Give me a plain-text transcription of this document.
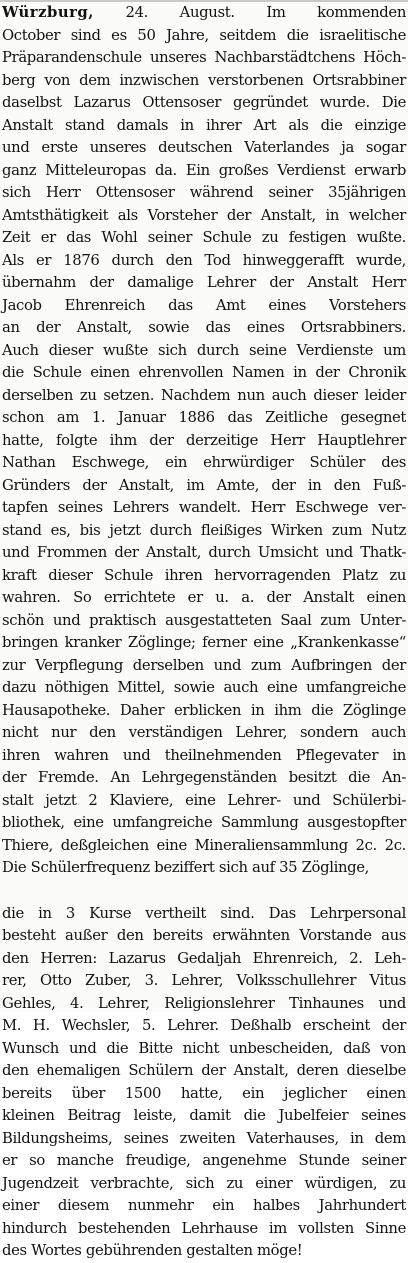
Würzburg, 24. August. Im kommenden
October sind es 50 Jahre, seitdem die israelitische
Präparandenschule unseres Nachbarstädtchens Höch-
berg von dem inzwischen verstorbenen Ortsrabbiner
daselbst Lazarus Ottensoser gegründet wurde. Die
Anstalt stand damals in ihrer Art als die einzige
und erste unseres deutschen Vaterlandes ja sogar
ganz Mitteleuropas da. Ein großes Verdienst erwarb
sich Herr Ottensoser während seiner 35jährigen
Amtsthätigkeit als Vorsteher der Anstalt, in welcher
Zeit er das Wohl seiner Schule zu festigen wußte.
Als er 1876 durch den Tod hinweggerafft wurde,
übernahm der damalige Lehrer der Anstalt Herr
Jacob Ehrenreich das Amt eines Vorstehers
an der Anstalt, sowie das eines Ortsrabbiners.
Auch dieser wußte sich durch seine Verdienste um
die Schule einen ehrenvollen Namen in der Chronik
derselben zu setzen. Nachdem nun auch dieser leider
schon am 1. Januar 1886 das Zeitliche gesegnet
hatte, folgte ihm der derzeitige Herr Hauptlehrer
Nathan Eschwege, ein ehrwürdiger Schüler des
Gründers der Anstalt, im Amte, der in den Fuß-
tapfen seines Lehrers wandelt. Herr Eschwege ver-
stand es, bis jetzt durch fleißiges Wirken zum Nutz
und Frommen der Anstalt, durch Umsicht und Thatk-
kraft dieser Schule ihren hervorragenden Platz zu
wahren. So errichtete er u. a. der Anstalt einen
schön und praktisch ausgestatteten Saal zum Unter-
bringen kranker Zöglinge; ferner eine „Krankenkasse“
zur Verpflegung derselben und zum Aufbringen der
dazu nöthigen Mittel, sowie auch eine umfangreiche
Hausapotheke. Daher erblicken in ihm die Zöglinge
nicht nur den verständigen Lehrer, sondern auch
ihren wahren und theilnehmenden Pflegevater in
der Fremde. An Lehrgegenständen besitzt die An-
stalt jetzt 2 Klaviere, eine Lehrer- und Schülerbi-
bliothek, eine umfangreiche Sammlung ausgestopfter
Thiere, deßgleichen eine Mineraliensammlung 2c. 2c.
Die Schülerfrequenz beziffert sich auf 35 Zöglinge,
die in 3 Kurse vertheilt sind. Das Lehrpersonal
besteht außer den bereits erwähnten Vorstande aus
den Herren: Lazarus Gedaljah Ehrenreich, 2. Leh-
rer, Otto Zuber, 3. Lehrer, Volksschullehrer Vitus
Gehles, 4. Lehrer, Religionslehrer Tinhaunes und
M. H. Wechsler, 5. Lehrer. Deßhalb erscheint der
Wunsch und die Bitte nicht unbescheiden, daß von
den ehemaligen Schülern der Anstalt, deren dieselbe
bereits über 1500 hatte, ein jeglicher einen
kleinen Beitrag leiste, damit die Jubelfeier seines
Bildungsheims, seines zweiten Vaterhauses, in dem
er so manche freudige, angenehme Stunde seiner
Jugendzeit verbrachte, sich zu einer würdigen, zu
einer diesem nunmehr ein halbes Jahrhundert
hindurch bestehenden Lehrhause im vollsten Sinne
des Wortes gebührenden gestalten möge!
